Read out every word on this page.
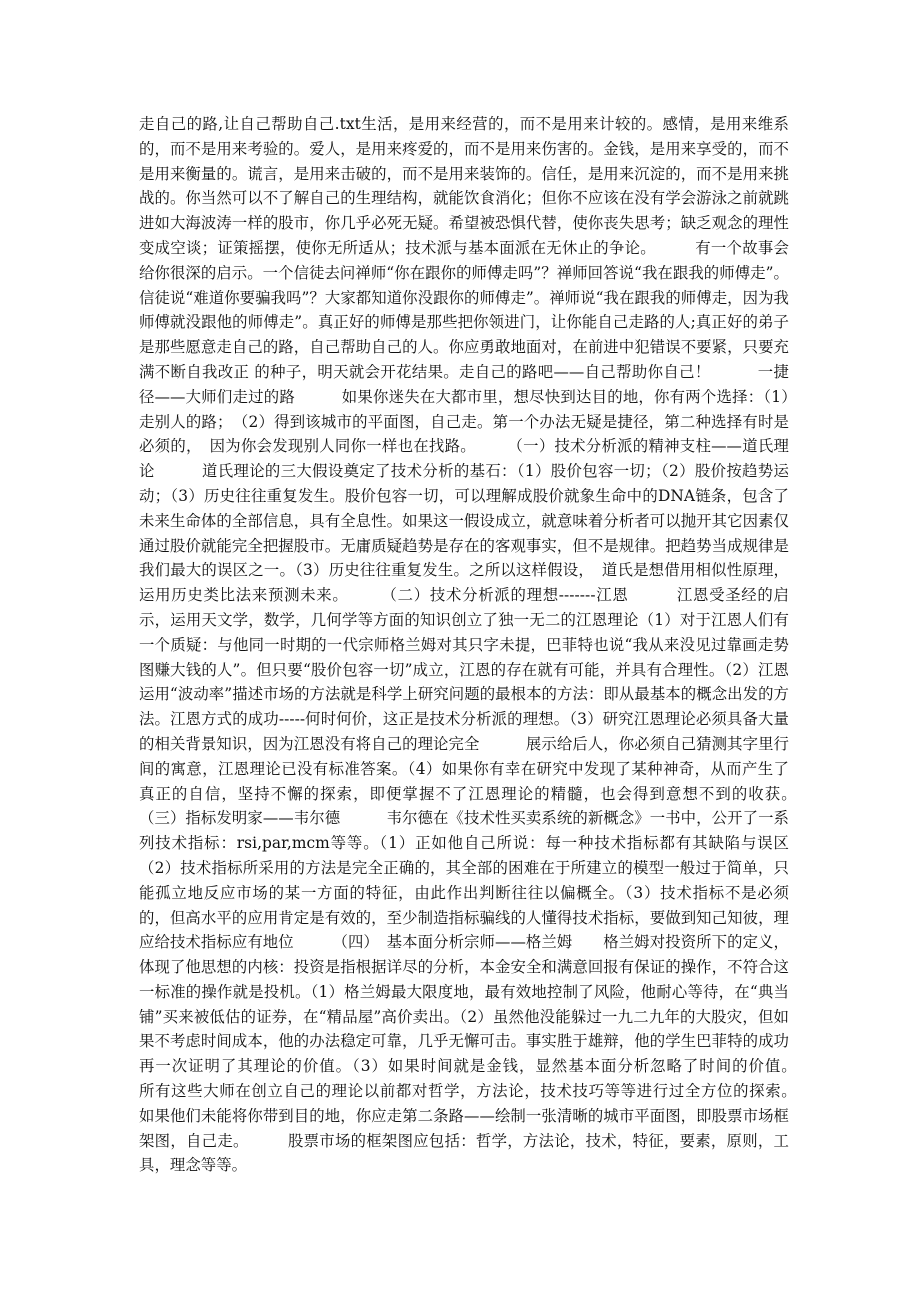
走自己的路,让自己帮助自己.txt生活，是用来经营的，而不是用来计较的。感情，是用来维系的，而不是用来考验的。爱人，是用来疼爱的，而不是用来伤害的。金钱，是用来享受的，而不是用来衡量的。谎言，是用来击破的，而不是用来装饰的。信任，是用来沉淀的，而不是用来挑战的。你当然可以不了解自己的生理结构，就能饮食消化；但你不应该在没有学会游泳之前就跳进如大海波涛一样的股市，你几乎必死无疑。希望被恐惧代替，使你丧失思考；缺乏观念的理性变成空谈；证策摇摆，使你无所适从；技术派与基本面派在无休止的争论。　　　有一个故事会给你很深的启示。一个信徒去问禅师“你在跟你的师傅走吗”？禅师回答说“我在跟我的师傅走”。信徒说“难道你要骗我吗”？大家都知道你没跟你的师傅走”。禅师说“我在跟我的师傅走，因为我师傅就没跟他的师傅走”。真正好的师傅是那些把你领进门，让你能自己走路的人;真正好的弟子是那些愿意走自己的路，自己帮助自己的人。你应勇敢地面对，在前进中犯错误不要紧，只要充满不断自我改正 的种子，明天就会开花结果。走自己的路吧——自己帮助你自己！　　　一捷径——大师们走过的路　　　如果你迷失在大都市里，想尽快到达目的地，你有两个选择：（1）走别人的路；　（2）得到该城市的平面图，自己走。第一个办法无疑是捷径，第二种选择有时是必须的，　因为你会发现别人同你一样也在找路。　　　（一）技术分析派的精神支柱——道氏理论　　　道氏理论的三大假设奠定了技术分析的基石：（1）股价包容一切；（2）股价按趋势运动；（3）历史往往重复发生。股价包容一切，可以理解成股价就象生命中的DNA链条，包含了未来生命体的全部信息，具有全息性。如果这一假设成立，就意味着分析者可以抛开其它因素仅通过股价就能完全把握股市。无庸质疑趋势是存在的客观事实，但不是规律。把趋势当成规律是我们最大的误区之一。（3）历史往往重复发生。之所以这样假设，　道氏是想借用相似性原理，运用历史类比法来预测未来。　　　（二）技术分析派的理想-------江恩　　　江恩受圣经的启示，运用天文学，数学，几何学等方面的知识创立了独一无二的江恩理论（1）对于江恩人们有一个质疑：与他同一时期的一代宗师格兰姆对其只字未提，巴菲特也说“我从来没见过靠画走势图赚大钱的人”。但只要“股价包容一切”成立，江恩的存在就有可能，并具有合理性。（2）江恩运用“波动率”描述市场的方法就是科学上研究问题的最根本的方法：即从最基本的概念出发的方法。江恩方式的成功-----何时何价，这正是技术分析派的理想。（3）研究江恩理论必须具备大量的相关背景知识，因为江恩没有将自己的理论完全　　　展示给后人，你必须自己猜测其字里行间的寓意，江恩理论已没有标准答案。（4）如果你有幸在研究中发现了某种神奇，从而产生了真正的自信，坚持不懈的探索，即便掌握不了江恩理论的精髓，也会得到意想不到的收获。　　　（三）指标发明家——韦尔德　　　韦尔德在《技术性买卖系统的新概念》一书中，公开了一系列技术指标：rsi,par,mcm等等。（1）正如他自己所说：每一种技术指标都有其缺陷与误区（2）技术指标所采用的方法是完全正确的，其全部的困难在于所建立的模型一般过于简单，只能孤立地反应市场的某一方面的特征，由此作出判断往往以偏概全。（3）技术指标不是必须的，但高水平的应用肯定是有效的，至少制造指标骗线的人懂得技术指标，要做到知己知彼，理应给技术指标应有地位　　　（四）　基本面分析宗师——格兰姆　　格兰姆对投资所下的定义，体现了他思想的内核：投资是指根据详尽的分析，本金安全和满意回报有保证的操作，不符合这一标准的操作就是投机。（1）格兰姆最大限度地，最有效地控制了风险，他耐心等待，在“典当铺”买来被低估的证券，在“精品屋”高价卖出。（2）虽然他没能躲过一九二九年的大股灾，但如果不考虑时间成本，他的办法稳定可靠，几乎无懈可击。事实胜于雄辩，他的学生巴菲特的成功再一次证明了其理论的价值。（3）如果时间就是金钱，显然基本面分析忽略了时间的价值。　　　所有这些大师在创立自己的理论以前都对哲学，方法论，技术技巧等等进行过全方位的探索。　　　如果他们未能将你带到目的地，你应走第二条路——绘制一张清晰的城市平面图，即股票市场框架图，自己走。　　　股票市场的框架图应包括：哲学，方法论，技术，特征，要素，原则，工具，理念等等。
